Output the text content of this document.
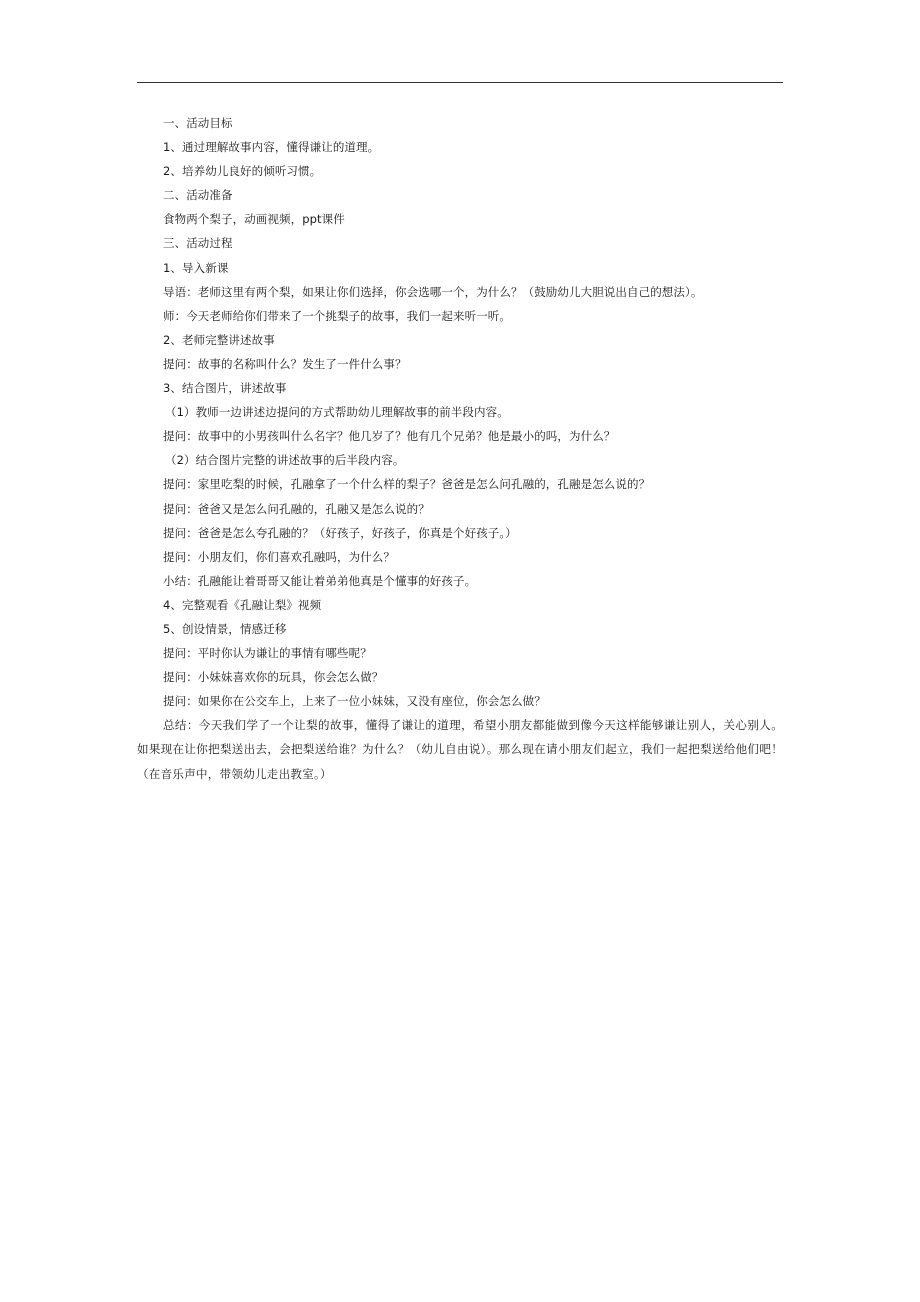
一、活动目标
1、通过理解故事内容，懂得谦让的道理。
2、培养幼儿良好的倾听习惯。
二、活动准备
食物两个梨子，动画视频，ppt课件
三、活动过程
1、导入新课
导语：老师这里有两个梨，如果让你们选择，你会选哪一个，为什么？（鼓励幼儿大胆说出自己的想法）。
师：今天老师给你们带来了一个挑梨子的故事，我们一起来听一听。
2、老师完整讲述故事
提问：故事的名称叫什么？发生了一件什么事？
3、结合图片，讲述故事
（1）教师一边讲述边提问的方式帮助幼儿理解故事的前半段内容。
提问：故事中的小男孩叫什么名字？他几岁了？他有几个兄弟？他是最小的吗，为什么？
（2）结合图片完整的讲述故事的后半段内容。
提问：家里吃梨的时候，孔融拿了一个什么样的梨子？爸爸是怎么问孔融的，孔融是怎么说的？
提问：爸爸又是怎么问孔融的，孔融又是怎么说的？
提问：爸爸是怎么夸孔融的？（好孩子，好孩子，你真是个好孩子。）
提问：小朋友们，你们喜欢孔融吗，为什么？
小结：孔融能让着哥哥又能让着弟弟他真是个懂事的好孩子。
4、完整观看《孔融让梨》视频
5、创设情景，情感迁移
提问：平时你认为谦让的事情有哪些呢？
提问：小妹妹喜欢你的玩具，你会怎么做？
提问：如果你在公交车上，上来了一位小妹妹，又没有座位，你会怎么做？
总结：今天我们学了一个让梨的故事，懂得了谦让的道理，希望小朋友都能做到像今天这样能够谦让别人，关心别人。如果现在让你把梨送出去，会把梨送给谁？为什么？（幼儿自由说）。那么现在请小朋友们起立，我们一起把梨送给他们吧！（在音乐声中，带领幼儿走出教室。）
